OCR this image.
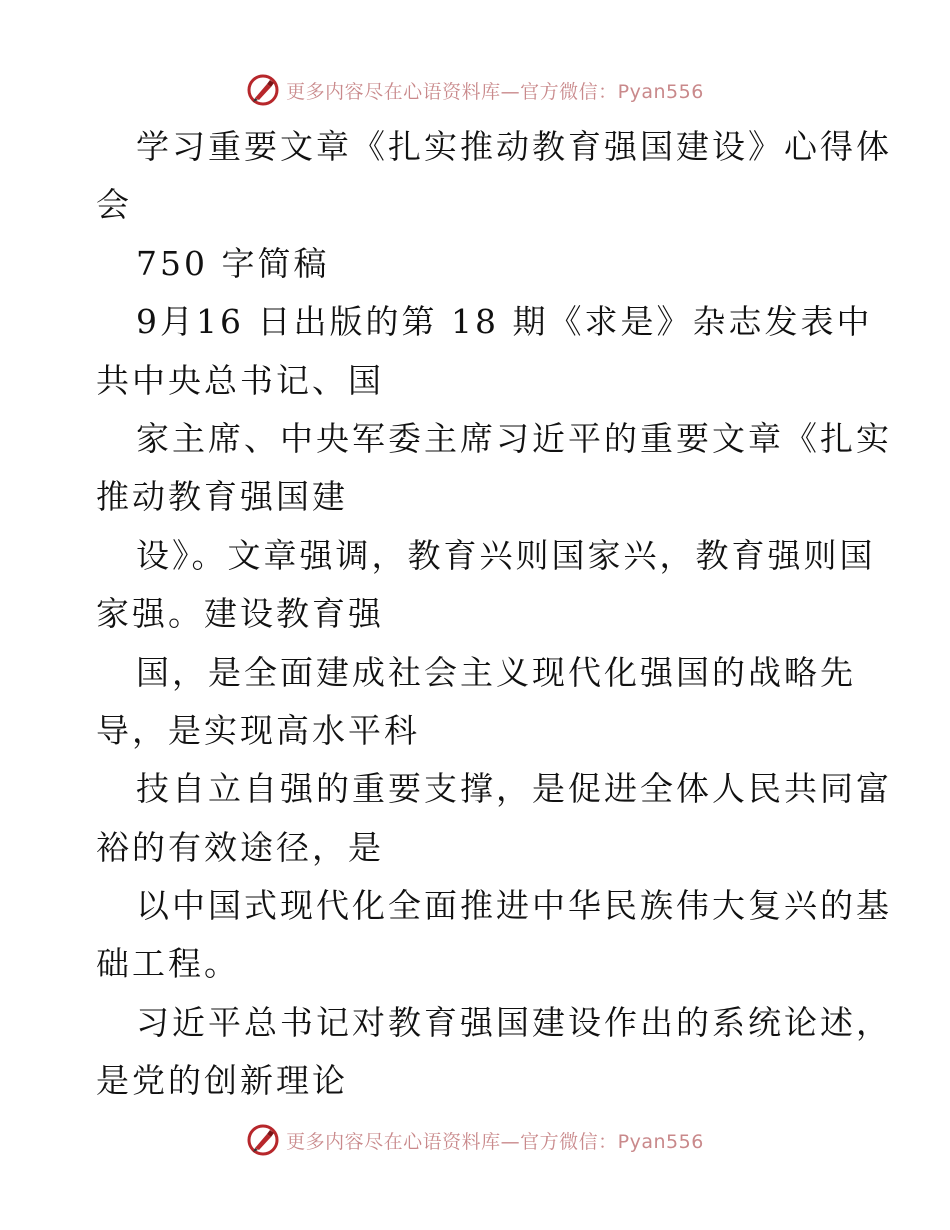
更多内容尽在心语资料库—官方微信：Pyan556
学习重要文章《扎实推动教育强国建设》心得体
会
750 字简稿
9月16 日出版的第 18 期《求是》杂志发表中
共中央总书记、国
家主席、中央军委主席习近平的重要文章《扎实
推动教育强国建
设》。文章强调，教育兴则国家兴，教育强则国
家强。建设教育强
国，是全面建成社会主义现代化强国的战略先
导，是实现高水平科
技自立自强的重要支撑，是促进全体人民共同富
裕的有效途径，是
以中国式现代化全面推进中华民族伟大复兴的基
础工程。
习近平总书记对教育强国建设作出的系统论述，
是党的创新理论
更多内容尽在心语资料库—官方微信：Pyan556
